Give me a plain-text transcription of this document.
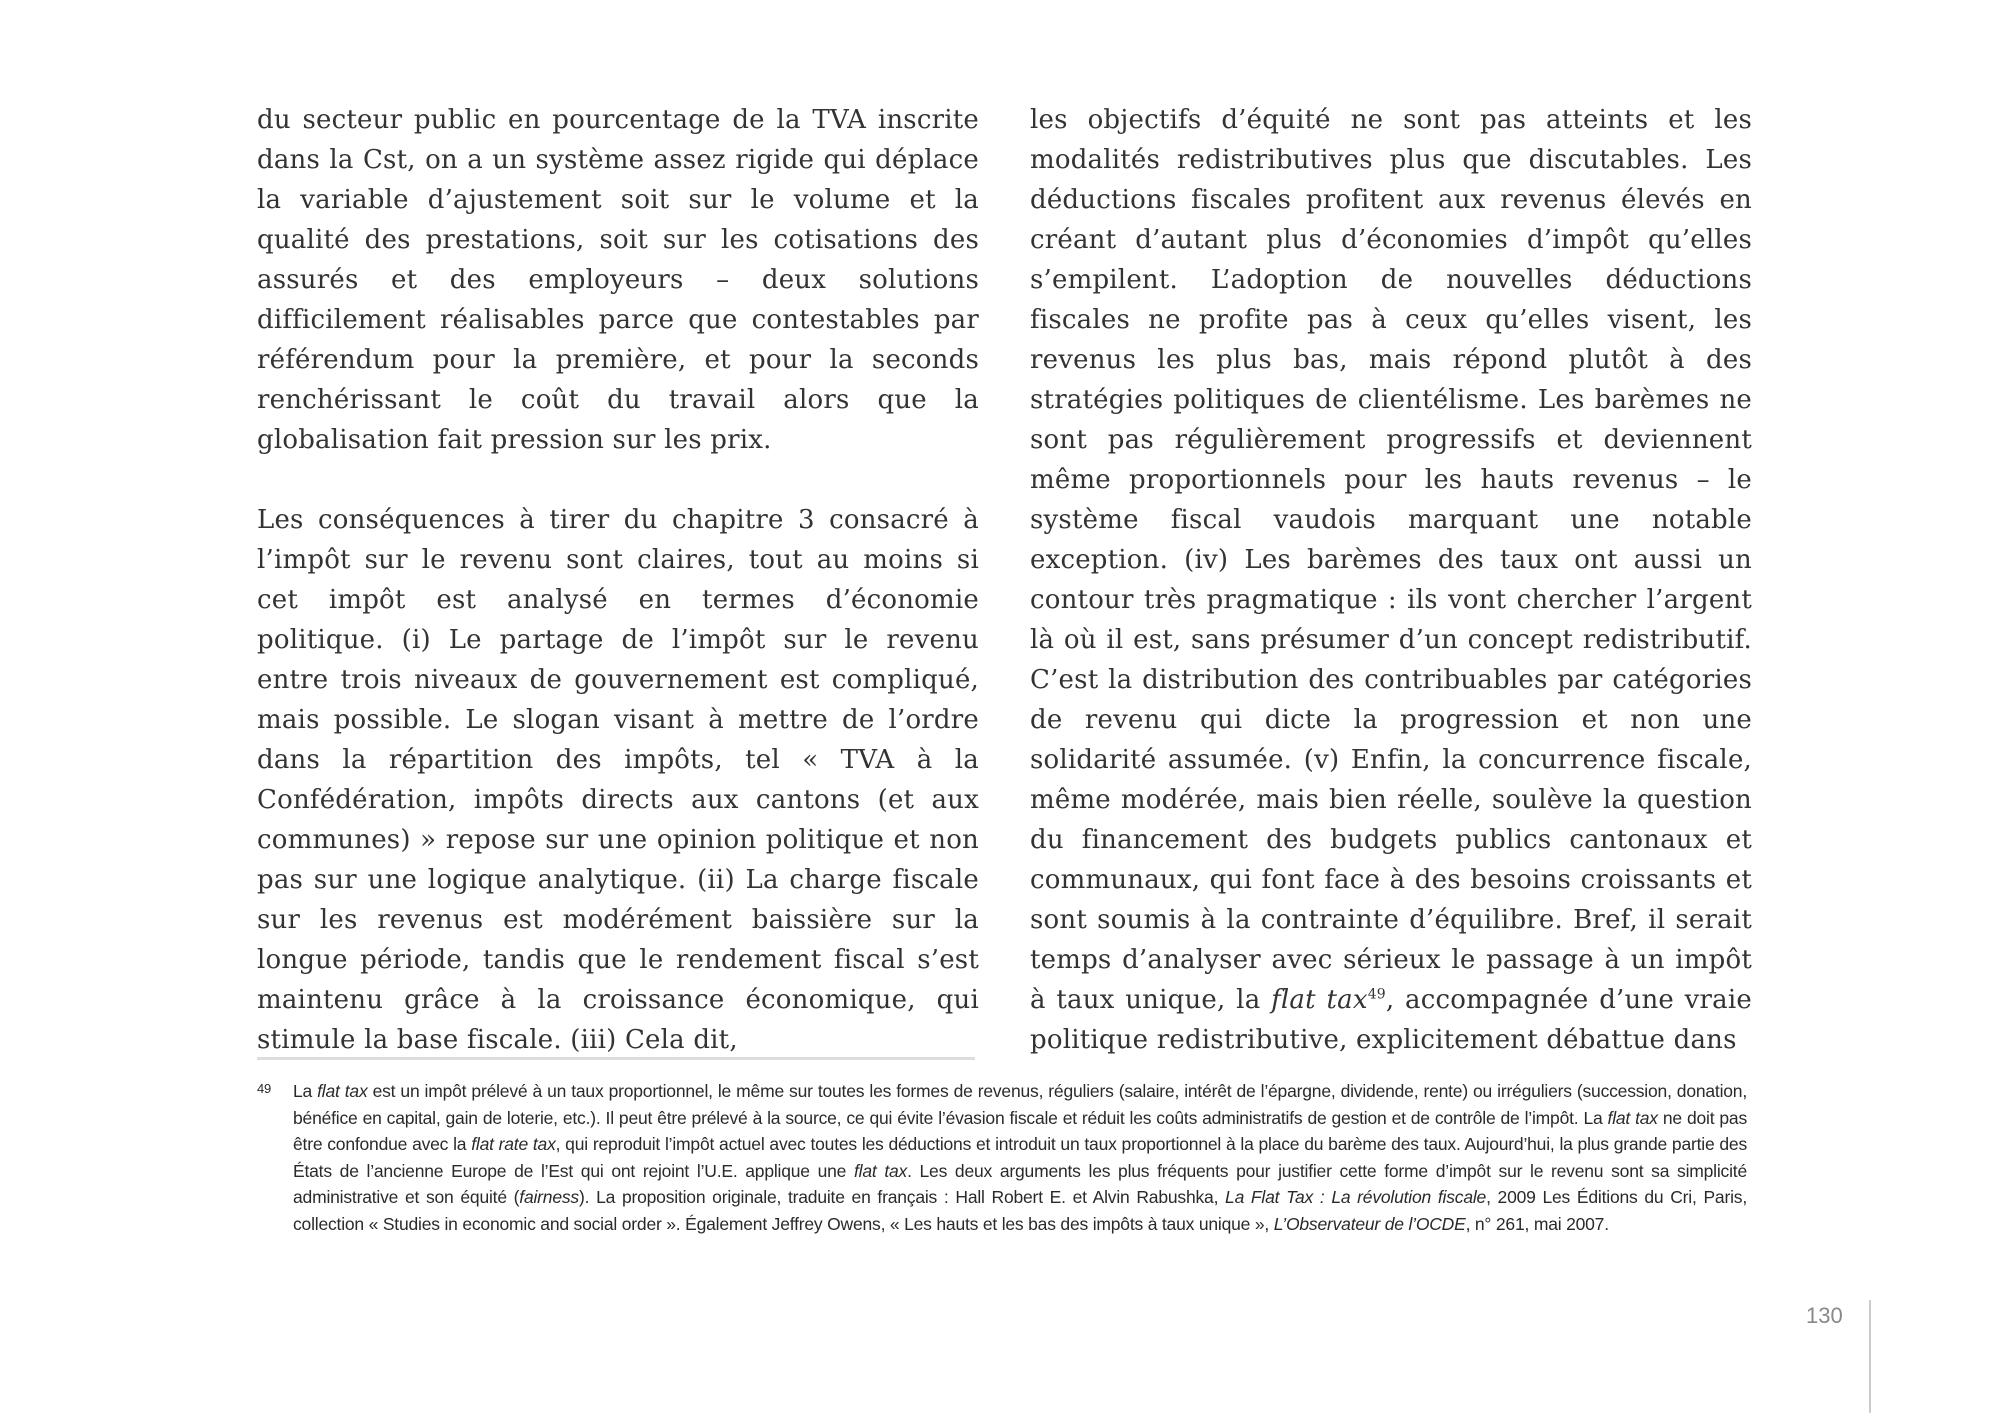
du secteur public en pourcentage de la TVA inscrite dans la Cst, on a un système assez rigide qui déplace la variable d’ajustement soit sur le volume et la qualité des prestations, soit sur les cotisations des assurés et des employeurs – deux solutions difficilement réalisables parce que contestables par référendum pour la première, et pour la seconds renchérissant le coût du travail alors que la globalisation fait pression sur les prix.

Les conséquences à tirer du chapitre 3 consacré à l’impôt sur le revenu sont claires, tout au moins si cet impôt est analysé en termes d’économie politique. (i) Le partage de l’impôt sur le revenu entre trois niveaux de gouvernement est compliqué, mais possible. Le slogan visant à mettre de l’ordre dans la répartition des impôts, tel « TVA à la Confédération, impôts directs aux cantons (et aux communes) » repose sur une opinion politique et non pas sur une logique analytique. (ii) La charge fiscale sur les revenus est modérément baissière sur la longue période, tandis que le rendement fiscal s’est maintenu grâce à la croissance économique, qui stimule la base fiscale. (iii) Cela dit,

les objectifs d’équité ne sont pas atteints et les modalités redistributives plus que discutables. Les déductions fiscales profitent aux revenus élevés en créant d’autant plus d’économies d’impôt qu’elles s’empilent. L’adoption de nouvelles déductions fiscales ne profite pas à ceux qu’elles visent, les revenus les plus bas, mais répond plutôt à des stratégies politiques de clientélisme. Les barèmes ne sont pas régulièrement progressifs et deviennent même proportionnels pour les hauts revenus – le système fiscal vaudois marquant une notable exception. (iv) Les barèmes des taux ont aussi un contour très pragmatique : ils vont chercher l’argent là où il est, sans présumer d’un concept redistributif. C’est la distribution des contribuables par catégories de revenu qui dicte la progression et non une solidarité assumée. (v) Enfin, la concurrence fiscale, même modérée, mais bien réelle, soulève la question du financement des budgets publics cantonaux et communaux, qui font face à des besoins croissants et sont soumis à la contrainte d’équilibre. Bref, il serait temps d’analyser avec sérieux le passage à un impôt à taux unique, la flat tax$^{49}$, accompagnée d’une vraie politique redistributive, explicitement débattue dans

49 La flat tax est un impôt prélevé à un taux proportionnel, le même sur toutes les formes de revenus, réguliers (salaire, intérêt de l’épargne, dividende, rente) ou irréguliers (succession, donation, bénéfice en capital, gain de loterie, etc.). Il peut être prélevé à la source, ce qui évite l’évasion fiscale et réduit les coûts administratifs de gestion et de contrôle de l’impôt. La flat tax ne doit pas être confondue avec la flat rate tax, qui reproduit l’impôt actuel avec toutes les déductions et introduit un taux proportionnel à la place du barème des taux. Aujourd’hui, la plus grande partie des États de l’ancienne Europe de l’Est qui ont rejoint l’U.E. applique une flat tax. Les deux arguments les plus fréquents pour justifier cette forme d’impôt sur le revenu sont sa simplicité administrative et son équité (fairness). La proposition originale, traduite en français : Hall Robert E. et Alvin Rabushka, La Flat Tax : La révolution fiscale, 2009 Les Éditions du Cri, Paris, collection « Studies in economic and social order ». Également Jeffrey Owens, « Les hauts et les bas des impôts à taux unique », L’Observateur de l’OCDE, n° 261, mai 2007.
130
